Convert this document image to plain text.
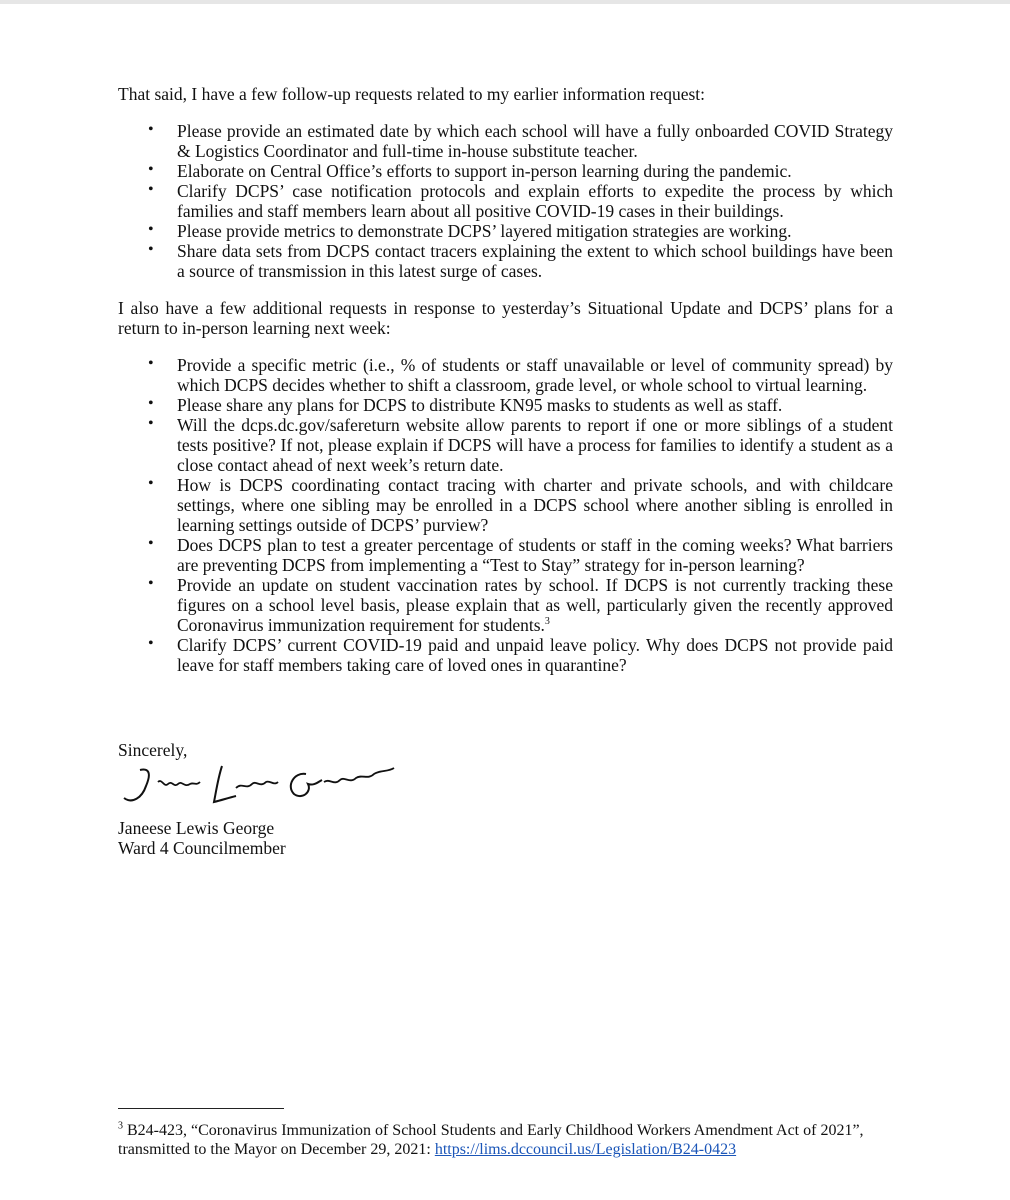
That said, I have a few follow-up requests related to my earlier information request:

• Please provide an estimated date by which each school will have a fully onboarded COVID Strategy & Logistics Coordinator and full-time in-house substitute teacher.
• Elaborate on Central Office’s efforts to support in-person learning during the pandemic.
• Clarify DCPS’ case notification protocols and explain efforts to expedite the process by which families and staff members learn about all positive COVID-19 cases in their buildings.
• Please provide metrics to demonstrate DCPS’ layered mitigation strategies are working.
• Share data sets from DCPS contact tracers explaining the extent to which school buildings have been a source of transmission in this latest surge of cases.

I also have a few additional requests in response to yesterday’s Situational Update and DCPS’ plans for a return to in-person learning next week:

• Provide a specific metric (i.e., % of students or staff unavailable or level of community spread) by which DCPS decides whether to shift a classroom, grade level, or whole school to virtual learning.
• Please share any plans for DCPS to distribute KN95 masks to students as well as staff.
• Will the dcps.dc.gov/safereturn website allow parents to report if one or more siblings of a student tests positive? If not, please explain if DCPS will have a process for families to identify a student as a close contact ahead of next week’s return date.
• How is DCPS coordinating contact tracing with charter and private schools, and with childcare settings, where one sibling may be enrolled in a DCPS school where another sibling is enrolled in learning settings outside of DCPS’ purview?
• Does DCPS plan to test a greater percentage of students or staff in the coming weeks? What barriers are preventing DCPS from implementing a “Test to Stay” strategy for in-person learning?
• Provide an update on student vaccination rates by school. If DCPS is not currently tracking these figures on a school level basis, please explain that as well, particularly given the recently approved Coronavirus immunization requirement for students.$^3$
• Clarify DCPS’ current COVID-19 paid and unpaid leave policy. Why does DCPS not provide paid leave for staff members taking care of loved ones in quarantine?
Sincerely,
Janeese Lewis George
Ward 4 Councilmember
$^3$ B24-423, “Coronavirus Immunization of School Students and Early Childhood Workers Amendment Act of 2021”, transmitted to the Mayor on December 29, 2021: https://lims.dccouncil.us/Legislation/B24-0423
